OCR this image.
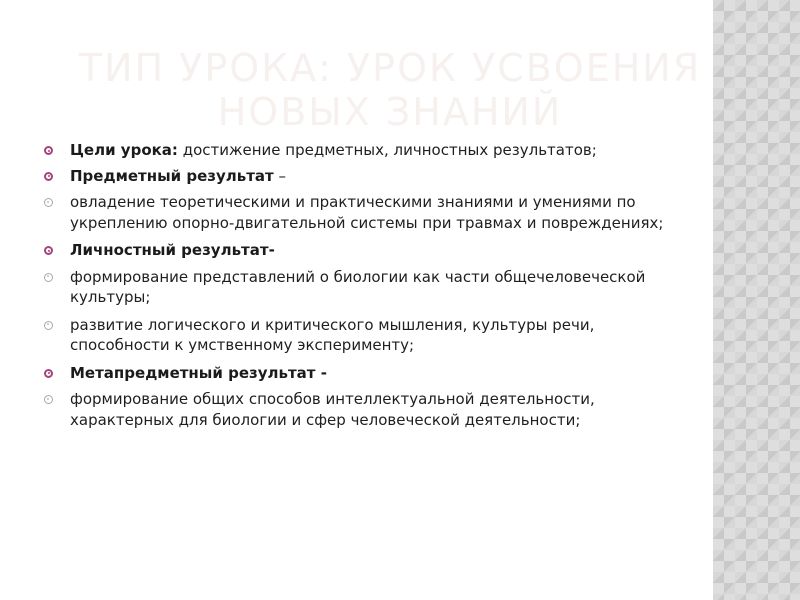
ТИП УРОКА: УРОК УСВОЕНИЯ НОВЫХ ЗНАНИЙ
Цели урока: достижение предметных, личностных результатов;
Предметный результат –
овладение теоретическими и практическими знаниями и умениями по укреплению опорно-двигательной системы при травмах и повреждениях;
Личностный результат-
формирование представлений о биологии как части общечеловеческой культуры;
развитие логического и критического мышления, культуры речи, способности к умственному эксперименту;
Метапредметный результат -
формирование общих способов интеллектуальной деятельности, характерных для биологии и сфер человеческой деятельности;
